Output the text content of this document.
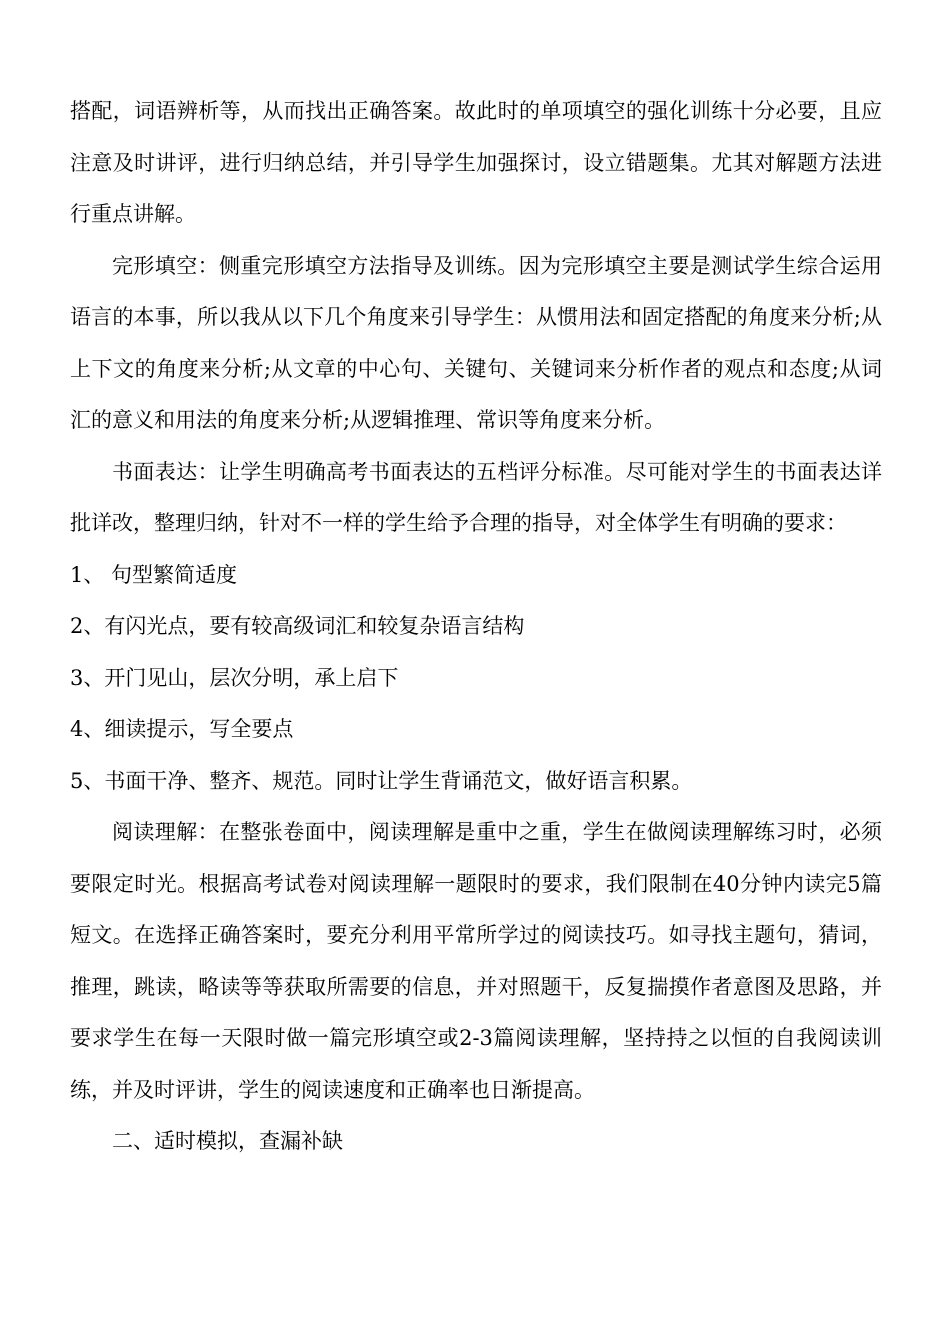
搭配，词语辨析等，从而找出正确答案。故此时的单项填空的强化训练十分必要，且应注意及时讲评，进行归纳总结，并引导学生加强探讨，设立错题集。尤其对解题方法进行重点讲解。

完形填空：侧重完形填空方法指导及训练。因为完形填空主要是测试学生综合运用语言的本事，所以我从以下几个角度来引导学生：从惯用法和固定搭配的角度来分析;从上下文的角度来分析;从文章的中心句、关键句、关键词来分析作者的观点和态度;从词汇的意义和用法的角度来分析;从逻辑推理、常识等角度来分析。

书面表达：让学生明确高考书面表达的五档评分标准。尽可能对学生的书面表达详批详改，整理归纳，针对不一样的学生给予合理的指导，对全体学生有明确的要求：

1、 句型繁简适度

2、有闪光点，要有较高级词汇和较复杂语言结构

3、开门见山，层次分明，承上启下

4、细读提示，写全要点

5、书面干净、整齐、规范。同时让学生背诵范文，做好语言积累。

阅读理解：在整张卷面中，阅读理解是重中之重，学生在做阅读理解练习时，必须要限定时光。根据高考试卷对阅读理解一题限时的要求，我们限制在40分钟内读完5篇短文。在选择正确答案时，要充分利用平常所学过的阅读技巧。如寻找主题句，猜词，推理，跳读，略读等等获取所需要的信息，并对照题干，反复揣摸作者意图及思路，并要求学生在每一天限时做一篇完形填空或2-3篇阅读理解，坚持持之以恒的自我阅读训练，并及时评讲，学生的阅读速度和正确率也日渐提高。

二、适时模拟，查漏补缺
